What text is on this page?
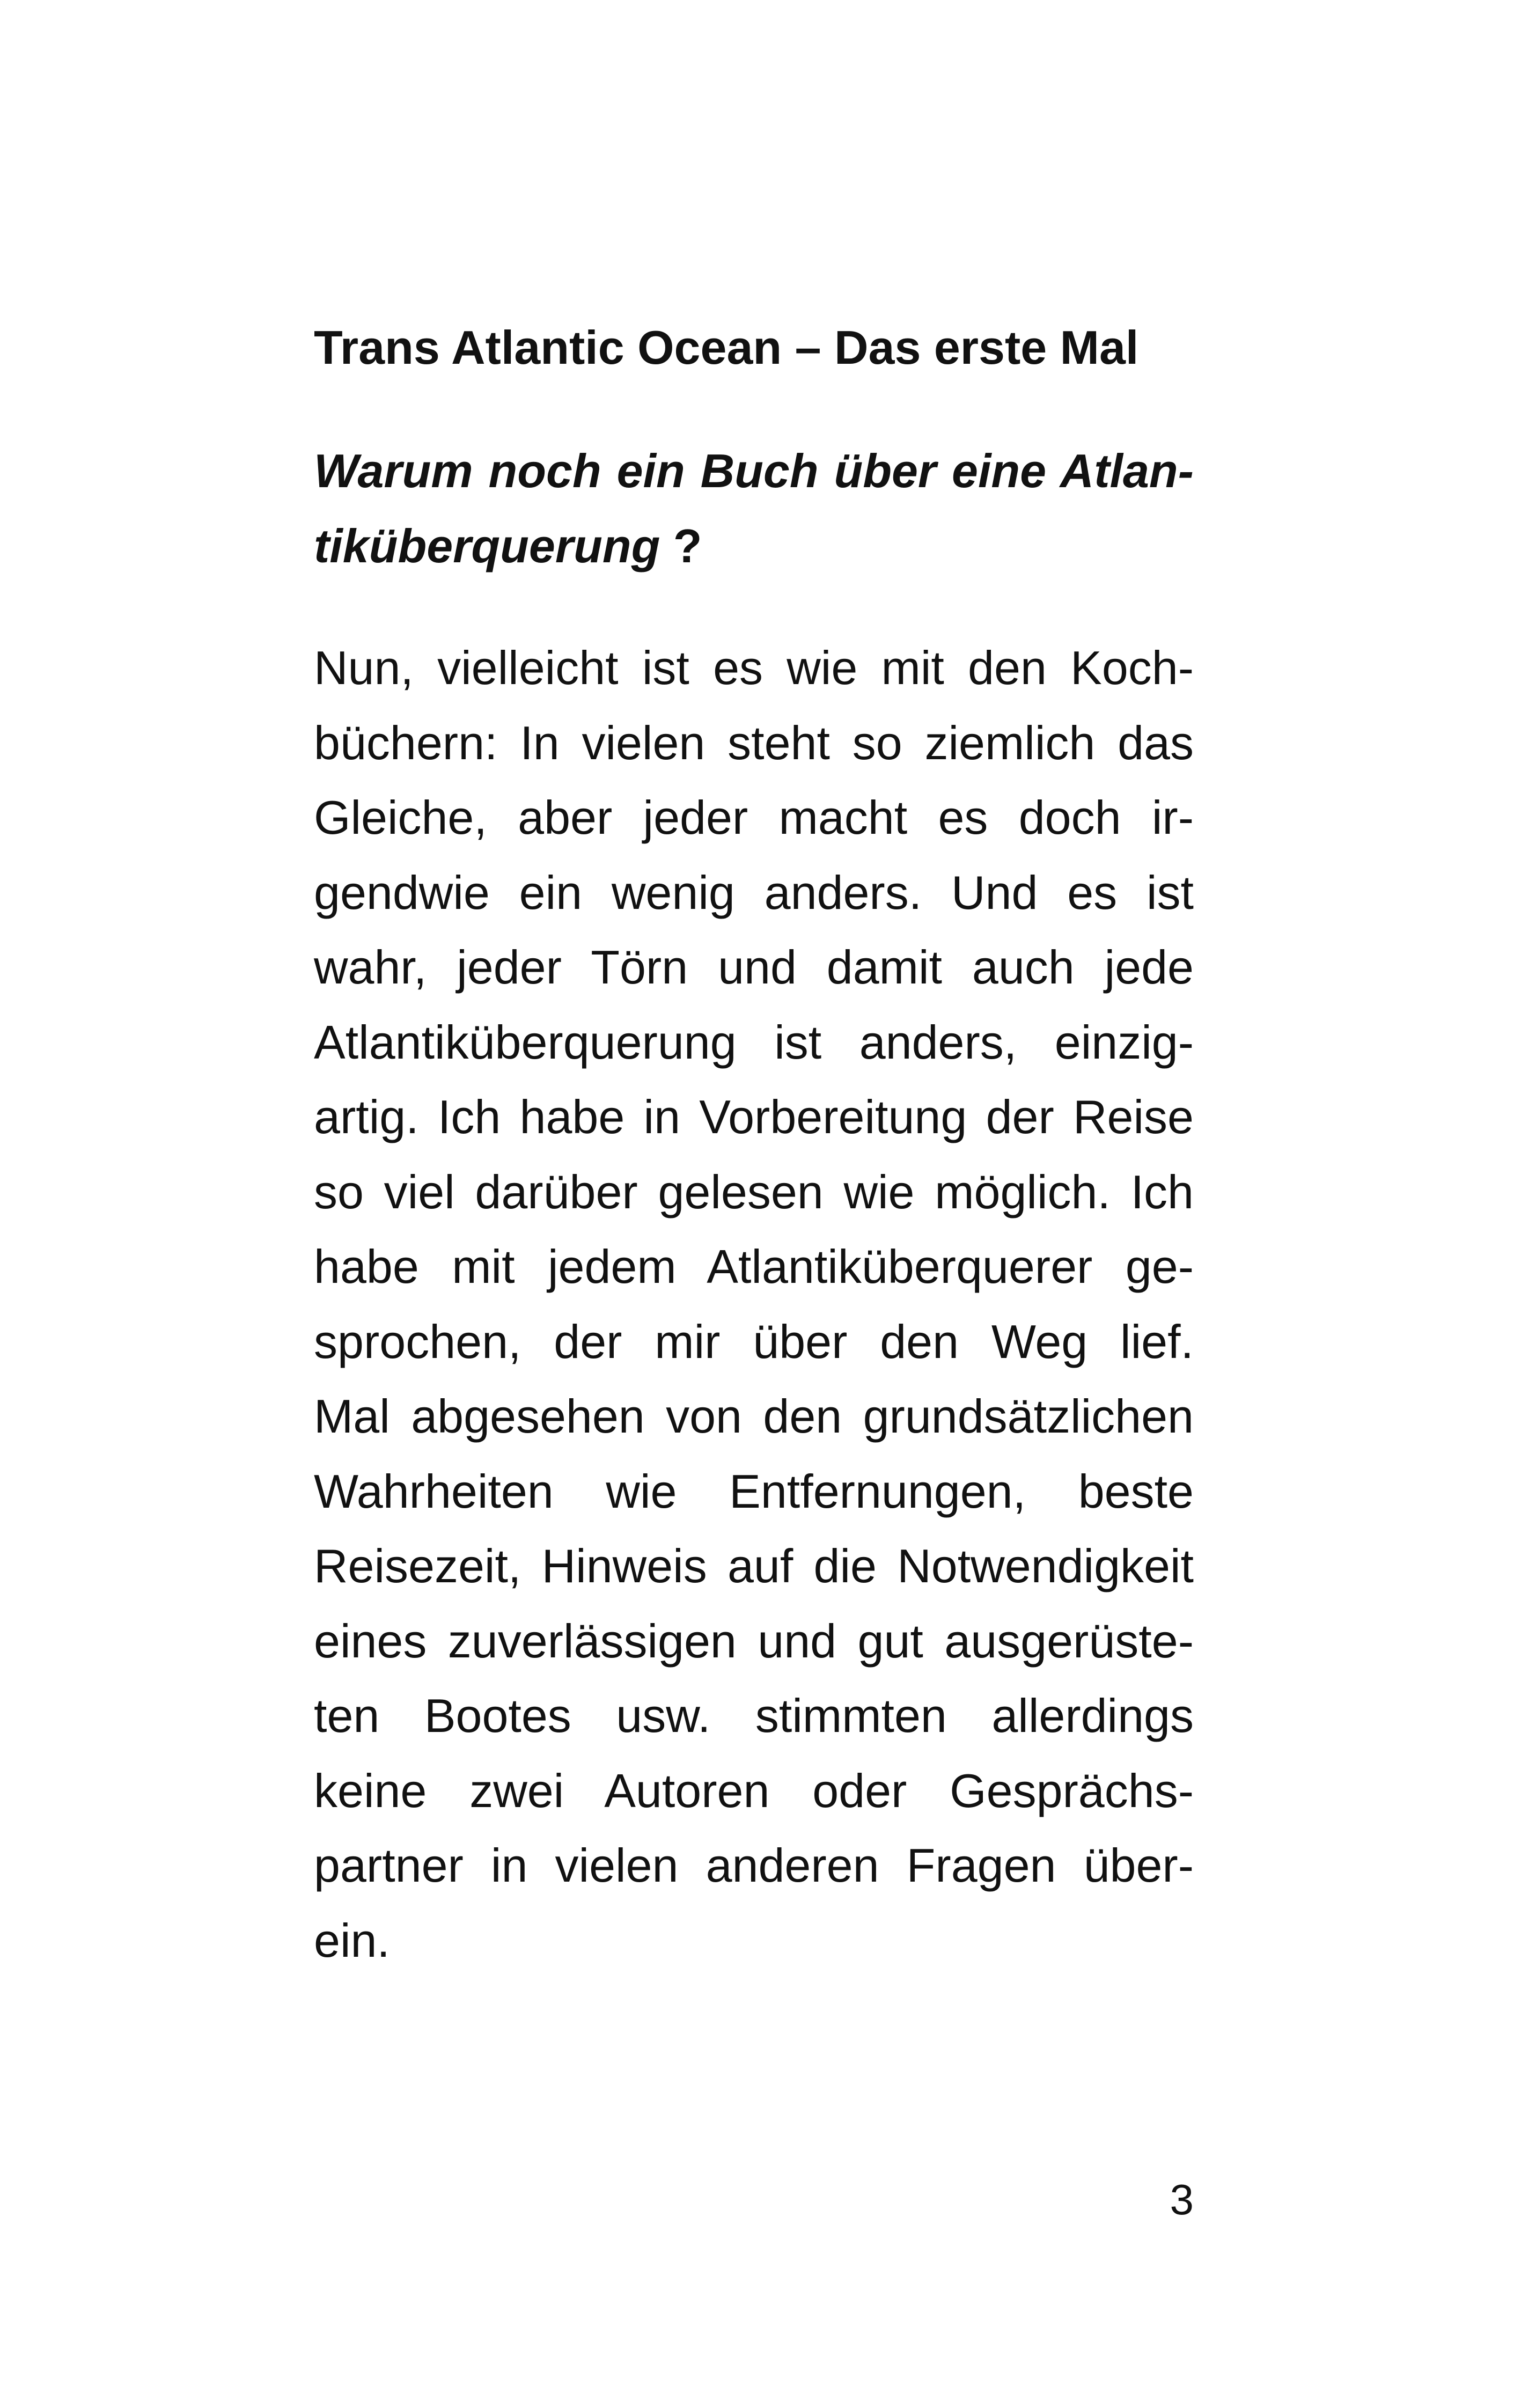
Trans Atlantic Ocean – Das erste Mal
Warum noch ein Buch über eine Atlan-
tiküberquerung ?
Nun, vielleicht ist es wie mit den Koch-
büchern: In vielen steht so ziemlich das
Gleiche, aber jeder macht es doch ir-
gendwie ein wenig anders. Und es ist
wahr, jeder Törn und damit auch jede
Atlantiküberquerung ist anders, einzig-
artig. Ich habe in Vorbereitung der Reise
so viel darüber gelesen wie möglich. Ich
habe mit jedem Atlantiküberquerer ge-
sprochen, der mir über den Weg lief.
Mal abgesehen von den grundsätzlichen
Wahrheiten wie Entfernungen, beste
Reisezeit, Hinweis auf die Notwendigkeit
eines zuverlässigen und gut ausgerüste-
ten Bootes usw. stimmten allerdings
keine zwei Autoren oder Gesprächs-
partner in vielen anderen Fragen über-
ein.
3
